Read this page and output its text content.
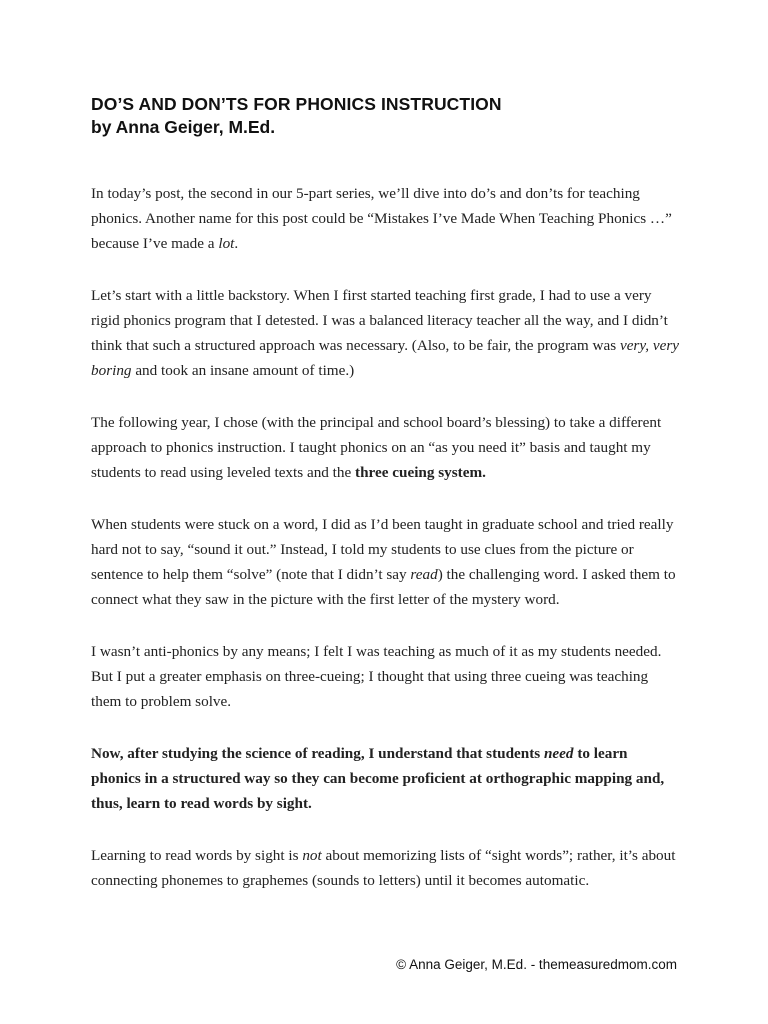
DO’S AND DON’TS FOR PHONICS INSTRUCTION
by Anna Geiger, M.Ed.

In today’s post, the second in our 5-part series, we’ll dive into do’s and don’ts for teaching phonics. Another name for this post could be “Mistakes I’ve Made When Teaching Phonics …” because I’ve made a lot.

Let’s start with a little backstory. When I first started teaching first grade, I had to use a very rigid phonics program that I detested. I was a balanced literacy teacher all the way, and I didn’t think that such a structured approach was necessary. (Also, to be fair, the program was very, very boring and took an insane amount of time.)

The following year, I chose (with the principal and school board’s blessing) to take a different approach to phonics instruction. I taught phonics on an “as you need it” basis and taught my students to read using leveled texts and the three cueing system.

When students were stuck on a word, I did as I’d been taught in graduate school and tried really hard not to say, “sound it out.” Instead, I told my students to use clues from the picture or sentence to help them “solve” (note that I didn’t say read) the challenging word. I asked them to connect what they saw in the picture with the first letter of the mystery word.

I wasn’t anti-phonics by any means; I felt I was teaching as much of it as my students needed. But I put a greater emphasis on three-cueing; I thought that using three cueing was teaching them to problem solve.

Now, after studying the science of reading, I understand that students need to learn phonics in a structured way so they can become proficient at orthographic mapping and, thus, learn to read words by sight.

Learning to read words by sight is not about memorizing lists of “sight words”; rather, it’s about connecting phonemes to graphemes (sounds to letters) until it becomes automatic.

© Anna Geiger, M.Ed. - themeasuredmom.com
